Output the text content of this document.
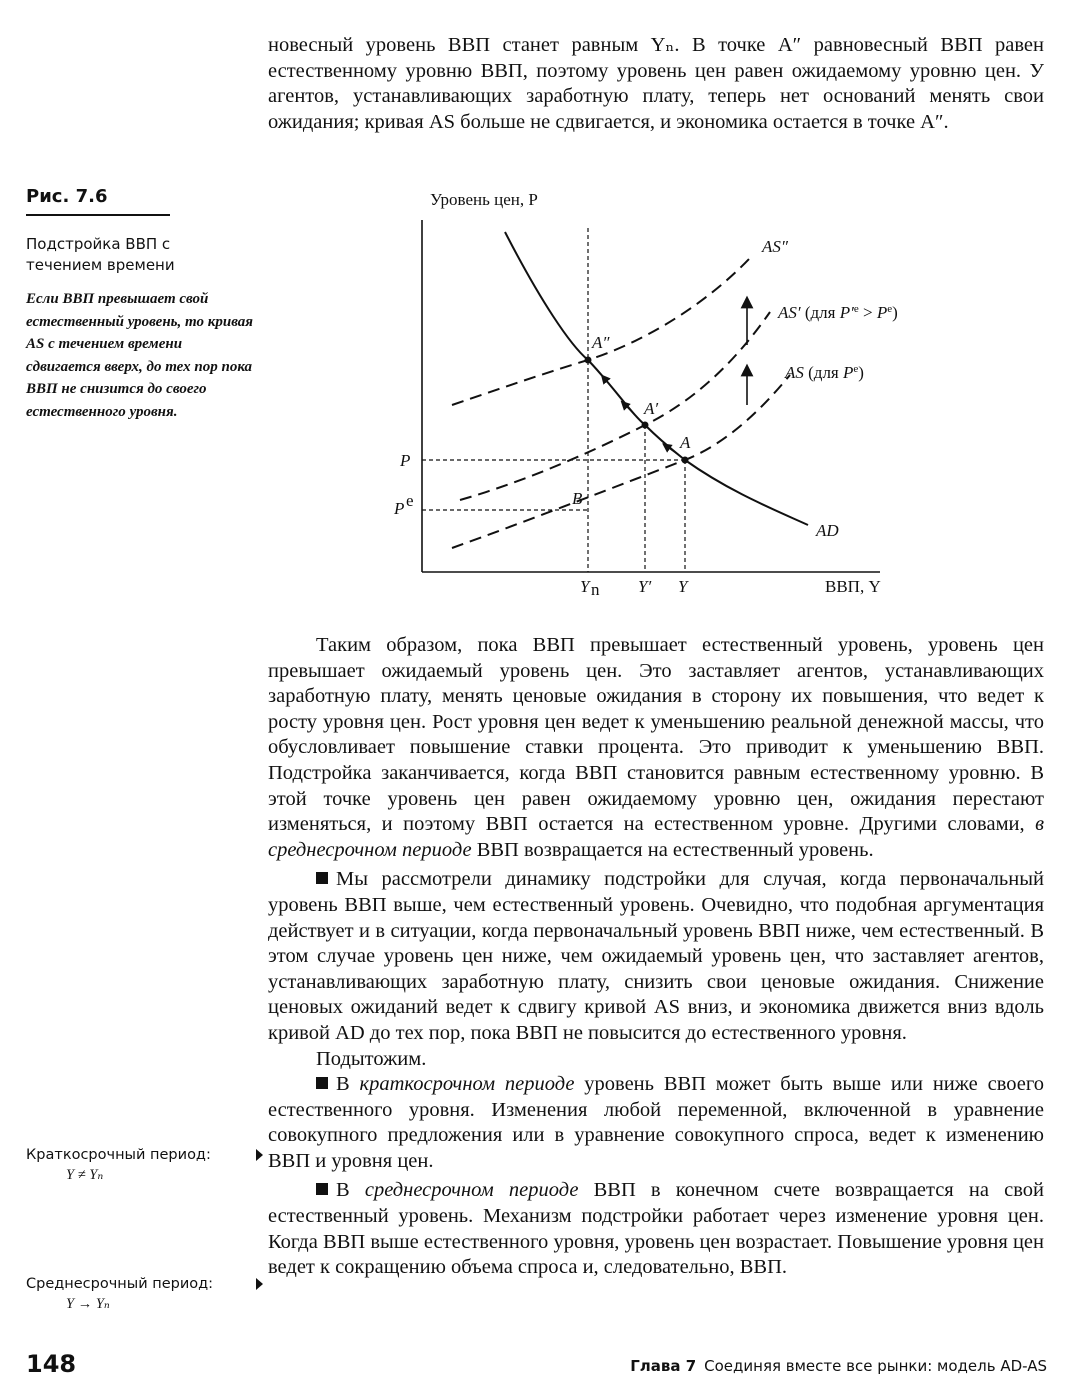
новесный уровень ВВП станет равным Yₙ. В точке A″ равновесный ВВП равен естественному уровню ВВП, поэтому уровень цен равен ожидаемому уровню цен. У агентов, устанавливающих заработную плату, теперь нет оснований менять свои ожидания; кривая AS больше не сдвигается, и экономика остается в точке A″.

Рис. 7.6
Подстройка ВВП с течением времени
Если ВВП превышает свой естественный уровень, то кривая AS с течением времени сдвигается вверх, до тех пор пока ВВП не снизится до своего естественного уровня.
Уровень цен, P
ВВП, Y
A
A′
A″
B
AD
AS (для $P^e$)
AS′ (для $P'^e > P^e$)
AS″
P
P e
Y n Y′ Y

Таким образом, пока ВВП превышает естественный уровень, уровень цен превышает ожидаемый уровень цен. Это заставляет агентов, устанавливающих заработную плату, менять ценовые ожидания в сторону их повышения, что ведет к росту уровня цен. Рост уровня цен ведет к уменьшению реальной денежной массы, что обусловливает повышение ставки процента. Это приводит к уменьшению ВВП. Подстройка заканчивается, когда ВВП становится равным естественному уровню. В этой точке уровень цен равен ожидаемому уровню цен, ожидания перестают изменяться, и поэтому ВВП остается на естественном уровне. Другими словами, в среднесрочном периоде ВВП возвращается на естественный уровень.

Мы рассмотрели динамику подстройки для случая, когда первоначальный уровень ВВП выше, чем естественный уровень. Очевидно, что подобная аргументация действует и в ситуации, когда первоначальный уровень ВВП ниже, чем естественный. В этом случае уровень цен ниже, чем ожидаемый уровень цен, что заставляет агентов, устанавливающих заработную плату, снизить свои ценовые ожидания. Снижение ценовых ожиданий ведет к сдвигу кривой AS вниз, и экономика движется вниз вдоль кривой AD до тех пор, пока ВВП не повысится до естественного уровня.

Подытожим.

В краткосрочном периоде уровень ВВП может быть выше или ниже своего естественного уровня. Изменения любой переменной, включенной в уравнение совокупного предложения или в уравнение совокупного спроса, ведет к изменению ВВП и уровня цен.

В среднесрочном периоде ВВП в конечном счете возвращается на свой естественный уровень. Механизм подстройки работает через изменение уровня цен. Когда ВВП выше естественного уровня, уровень цен возрастает. Повышение уровня цен ведет к сокращению объема спроса и, следовательно, ВВП.

Краткосрочный период:
Y ≠ Yₙ
Среднесрочный период:
Y → Yₙ
148	Глава 7 Соединяя вместе все рынки: модель AD-AS
